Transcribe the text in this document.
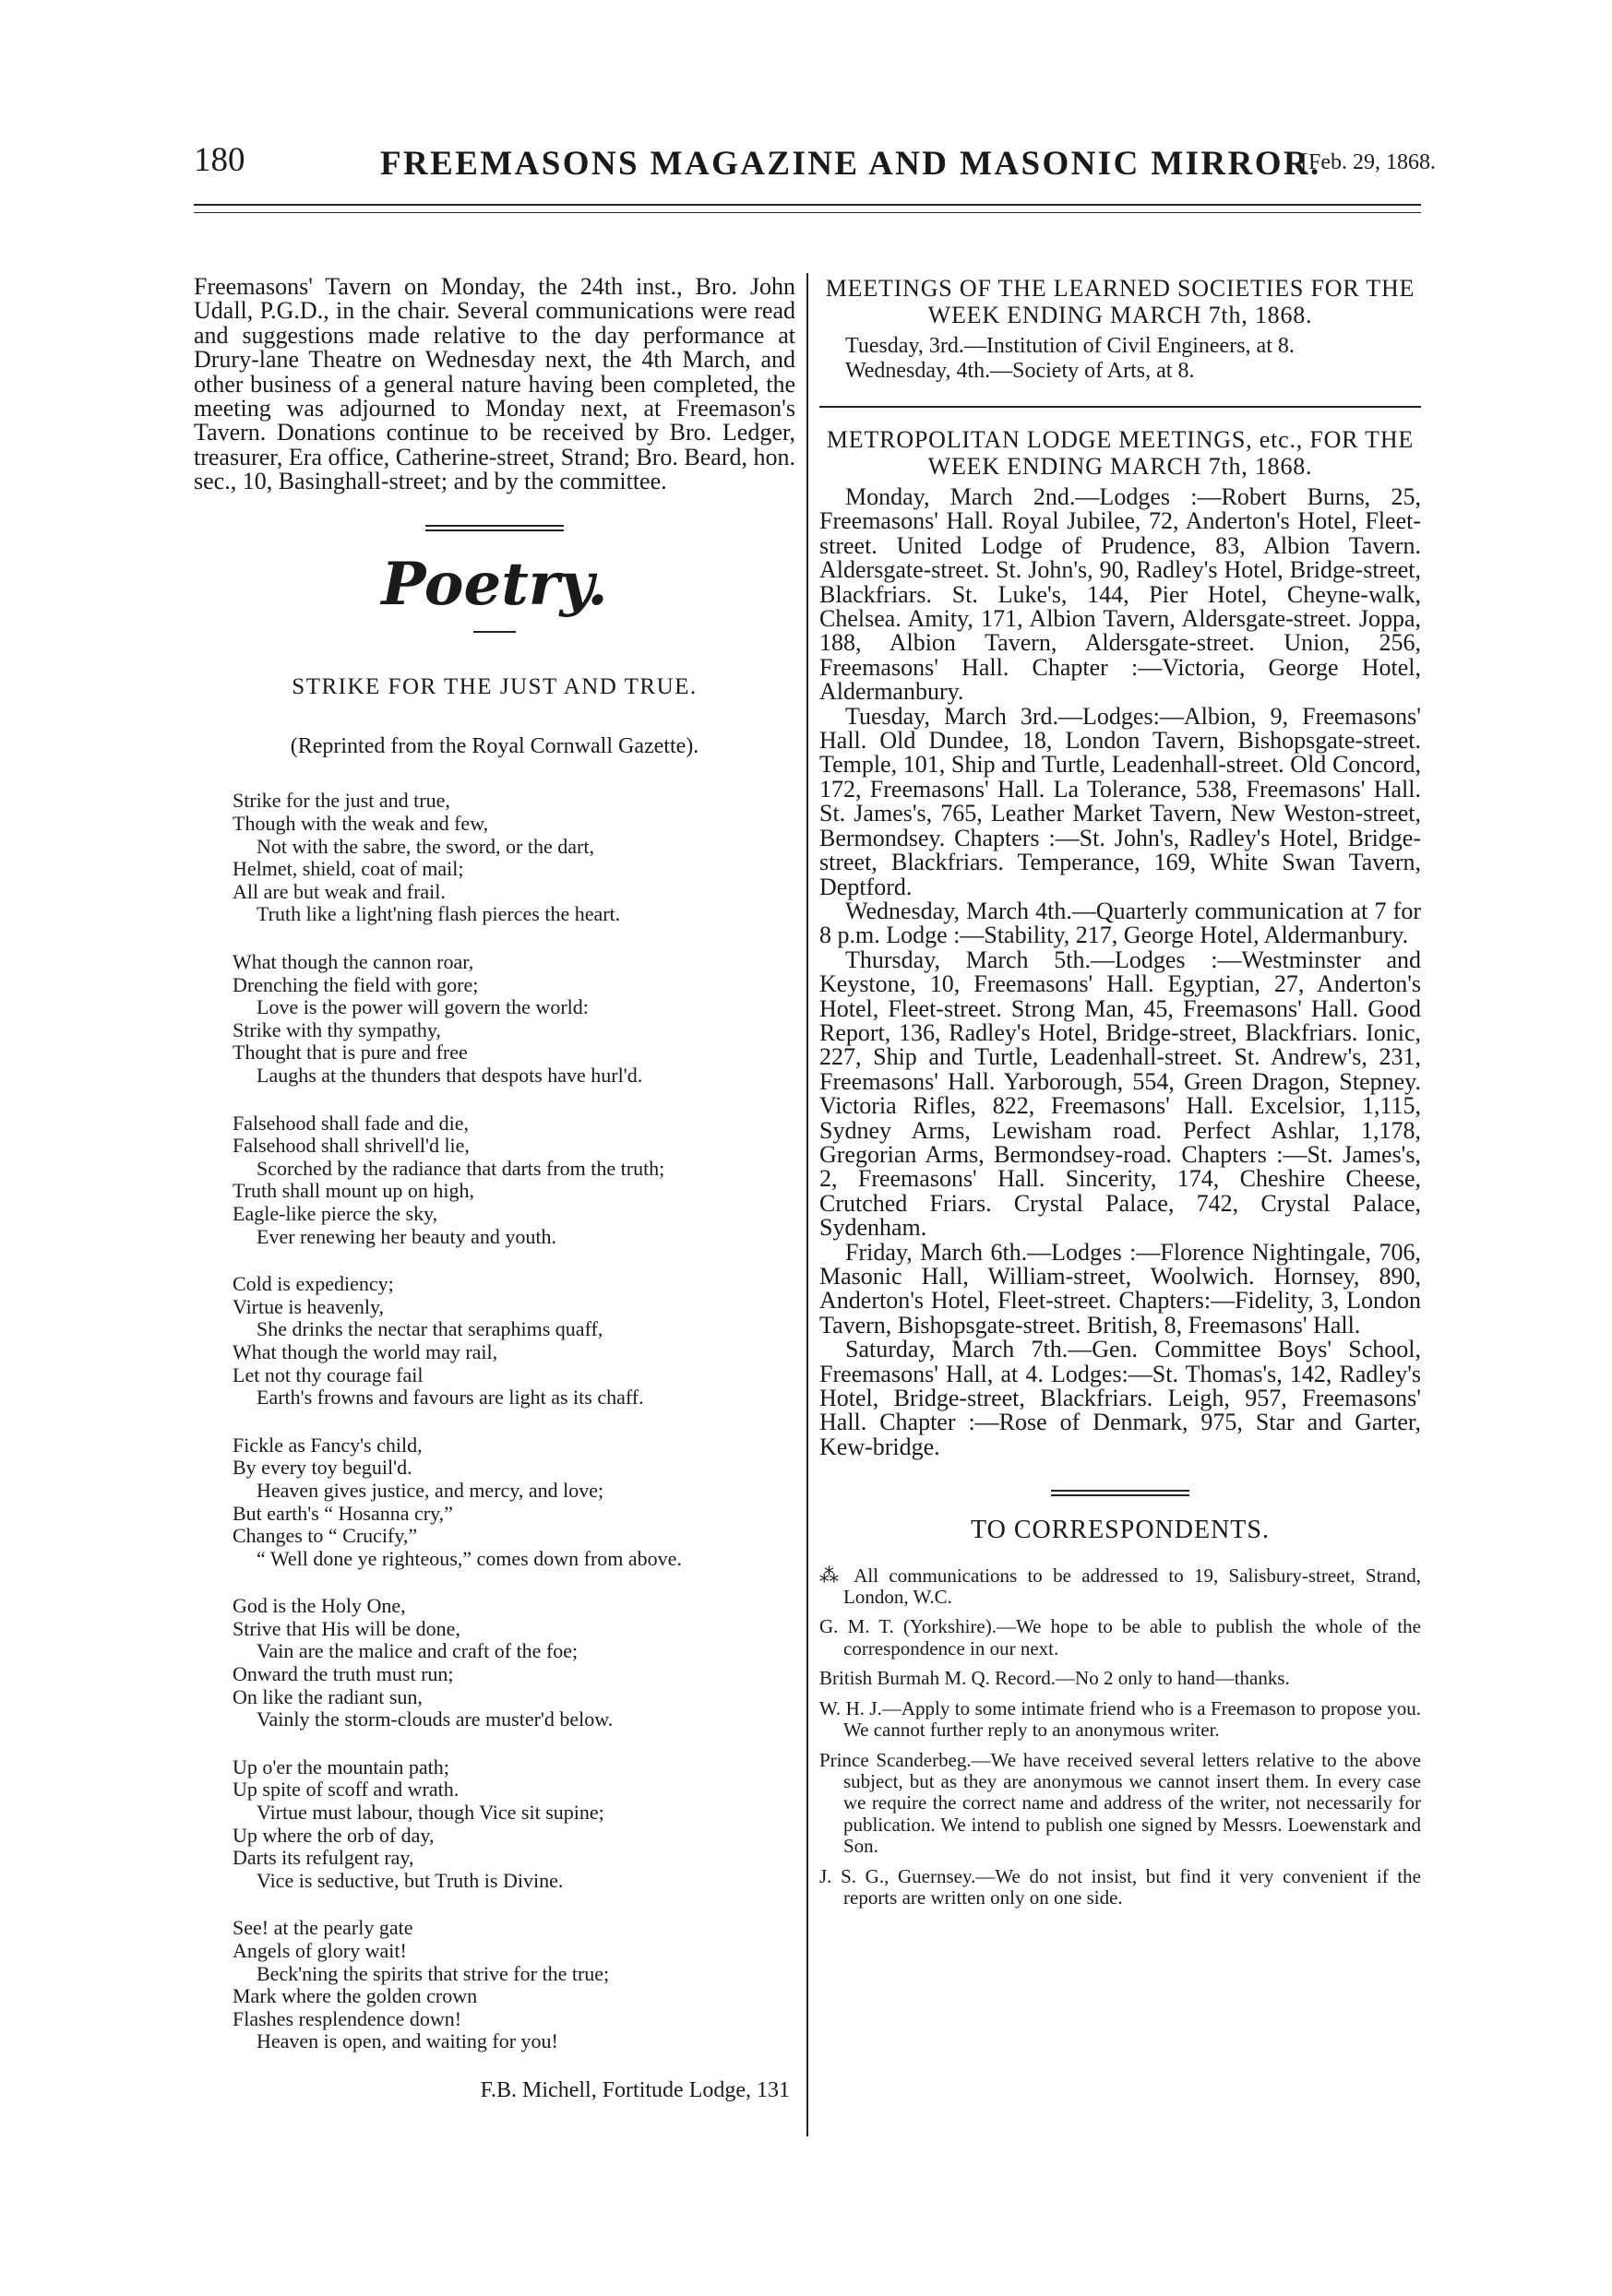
180	FREEMASONS MAGAZINE AND MASONIC MIRROR.
[Feb. 29, 1868.

Freemasons' Tavern on Monday, the 24th inst., Bro. John Udall, P.G.D., in the chair. Several communications were read and suggestions made relative to the day performance at Drury-lane Theatre on Wednesday next, the 4th March, and other business of a general nature having been completed, the meeting was adjourned to Monday next, at Freemason's Tavern. Donations continue to be received by Bro. Ledger, treasurer, Era office, Catherine-street, Strand; Bro. Beard, hon. sec., 10, Basinghall-street; and by the committee.

Poetry.
STRIKE FOR THE JUST AND TRUE.
(Reprinted from the Royal Cornwall Gazette).
Strike for the just and true,
Though with the weak and few,
Not with the sabre, the sword, or the dart,
Helmet, shield, coat of mail;
All are but weak and frail.
Truth like a light'ning flash pierces the heart.
What though the cannon roar,
Drenching the field with gore;
Love is the power will govern the world:
Strike with thy sympathy,
Thought that is pure and free
Laughs at the thunders that despots have hurl'd.
Falsehood shall fade and die,
Falsehood shall shrivell'd lie,
Scorched by the radiance that darts from the truth;
Truth shall mount up on high,
Eagle-like pierce the sky,
Ever renewing her beauty and youth.
Cold is expediency;
Virtue is heavenly,
She drinks the nectar that seraphims quaff,
What though the world may rail,
Let not thy courage fail
Earth's frowns and favours are light as its chaff.
Fickle as Fancy's child,
By every toy beguil'd.
Heaven gives justice, and mercy, and love;
But earth's “ Hosanna cry,”
Changes to “ Crucify,”
“ Well done ye righteous,” comes down from above.
God is the Holy One,
Strive that His will be done,
Vain are the malice and craft of the foe;
Onward the truth must run;
On like the radiant sun,
Vainly the storm-clouds are muster'd below.
Up o'er the mountain path;
Up spite of scoff and wrath.
Virtue must labour, though Vice sit supine;
Up where the orb of day,
Darts its refulgent ray,
Vice is seductive, but Truth is Divine.
See! at the pearly gate
Angels of glory wait!
Beck'ning the spirits that strive for the true;
Mark where the golden crown
Flashes resplendence down!
Heaven is open, and waiting for you!
F.B. Michell, Fortitude Lodge, 131
MEETINGS OF THE LEARNED SOCIETIES FOR THE WEEK ENDING MARCH 7th, 1868.

Tuesday, 3rd.—Institution of Civil Engineers, at 8.

Wednesday, 4th.—Society of Arts, at 8.

METROPOLITAN LODGE MEETINGS, etc., FOR THE WEEK ENDING MARCH 7th, 1868.

Monday, March 2nd.—Lodges :—Robert Burns, 25, Freemasons' Hall. Royal Jubilee, 72, Anderton's Hotel, Fleet-street. United Lodge of Prudence, 83, Albion Tavern. Aldersgate-street. St. John's, 90, Radley's Hotel, Bridge-street, Blackfriars. St. Luke's, 144, Pier Hotel, Cheyne-walk, Chelsea. Amity, 171, Albion Tavern, Aldersgate-street. Joppa, 188, Albion Tavern, Aldersgate-street. Union, 256, Freemasons' Hall. Chapter :—Victoria, George Hotel, Aldermanbury.

Tuesday, March 3rd.—Lodges:—Albion, 9, Freemasons' Hall. Old Dundee, 18, London Tavern, Bishopsgate-street. Temple, 101, Ship and Turtle, Leadenhall-street. Old Concord, 172, Freemasons' Hall. La Tolerance, 538, Freemasons' Hall. St. James's, 765, Leather Market Tavern, New Weston-street, Bermondsey. Chapters :—St. John's, Radley's Hotel, Bridge-street, Blackfriars. Temperance, 169, White Swan Tavern, Deptford.

Wednesday, March 4th.—Quarterly communication at 7 for 8 p.m. Lodge :—Stability, 217, George Hotel, Aldermanbury.

Thursday, March 5th.—Lodges :—Westminster and Keystone, 10, Freemasons' Hall. Egyptian, 27, Anderton's Hotel, Fleet-street. Strong Man, 45, Freemasons' Hall. Good Report, 136, Radley's Hotel, Bridge-street, Blackfriars. Ionic, 227, Ship and Turtle, Leadenhall-street. St. Andrew's, 231, Freemasons' Hall. Yarborough, 554, Green Dragon, Stepney. Victoria Rifles, 822, Freemasons' Hall. Excelsior, 1,115, Sydney Arms, Lewisham road. Perfect Ashlar, 1,178, Gregorian Arms, Bermondsey-road. Chapters :—St. James's, 2, Freemasons' Hall. Sincerity, 174, Cheshire Cheese, Crutched Friars. Crystal Palace, 742, Crystal Palace, Sydenham.

Friday, March 6th.—Lodges :—Florence Nightingale, 706, Masonic Hall, William-street, Woolwich. Hornsey, 890, Anderton's Hotel, Fleet-street. Chapters:—Fidelity, 3, London Tavern, Bishopsgate-street. British, 8, Freemasons' Hall.

Saturday, March 7th.—Gen. Committee Boys' School, Freemasons' Hall, at 4. Lodges:—St. Thomas's, 142, Radley's Hotel, Bridge-street, Blackfriars. Leigh, 957, Freemasons' Hall. Chapter :—Rose of Denmark, 975, Star and Garter, Kew-bridge.

TO CORRESPONDENTS.

⁂ All communications to be addressed to 19, Salisbury-street, Strand, London, W.C.

G. M. T. (Yorkshire).—We hope to be able to publish the whole of the correspondence in our next.

British Burmah M. Q. Record.—No 2 only to hand—thanks.

W. H. J.—Apply to some intimate friend who is a Freemason to propose you. We cannot further reply to an anonymous writer.

Prince Scanderbeg.—We have received several letters relative to the above subject, but as they are anonymous we cannot insert them. In every case we require the correct name and address of the writer, not necessarily for publication. We intend to publish one signed by Messrs. Loewenstark and Son.

J. S. G., Guernsey.—We do not insist, but find it very convenient if the reports are written only on one side.
